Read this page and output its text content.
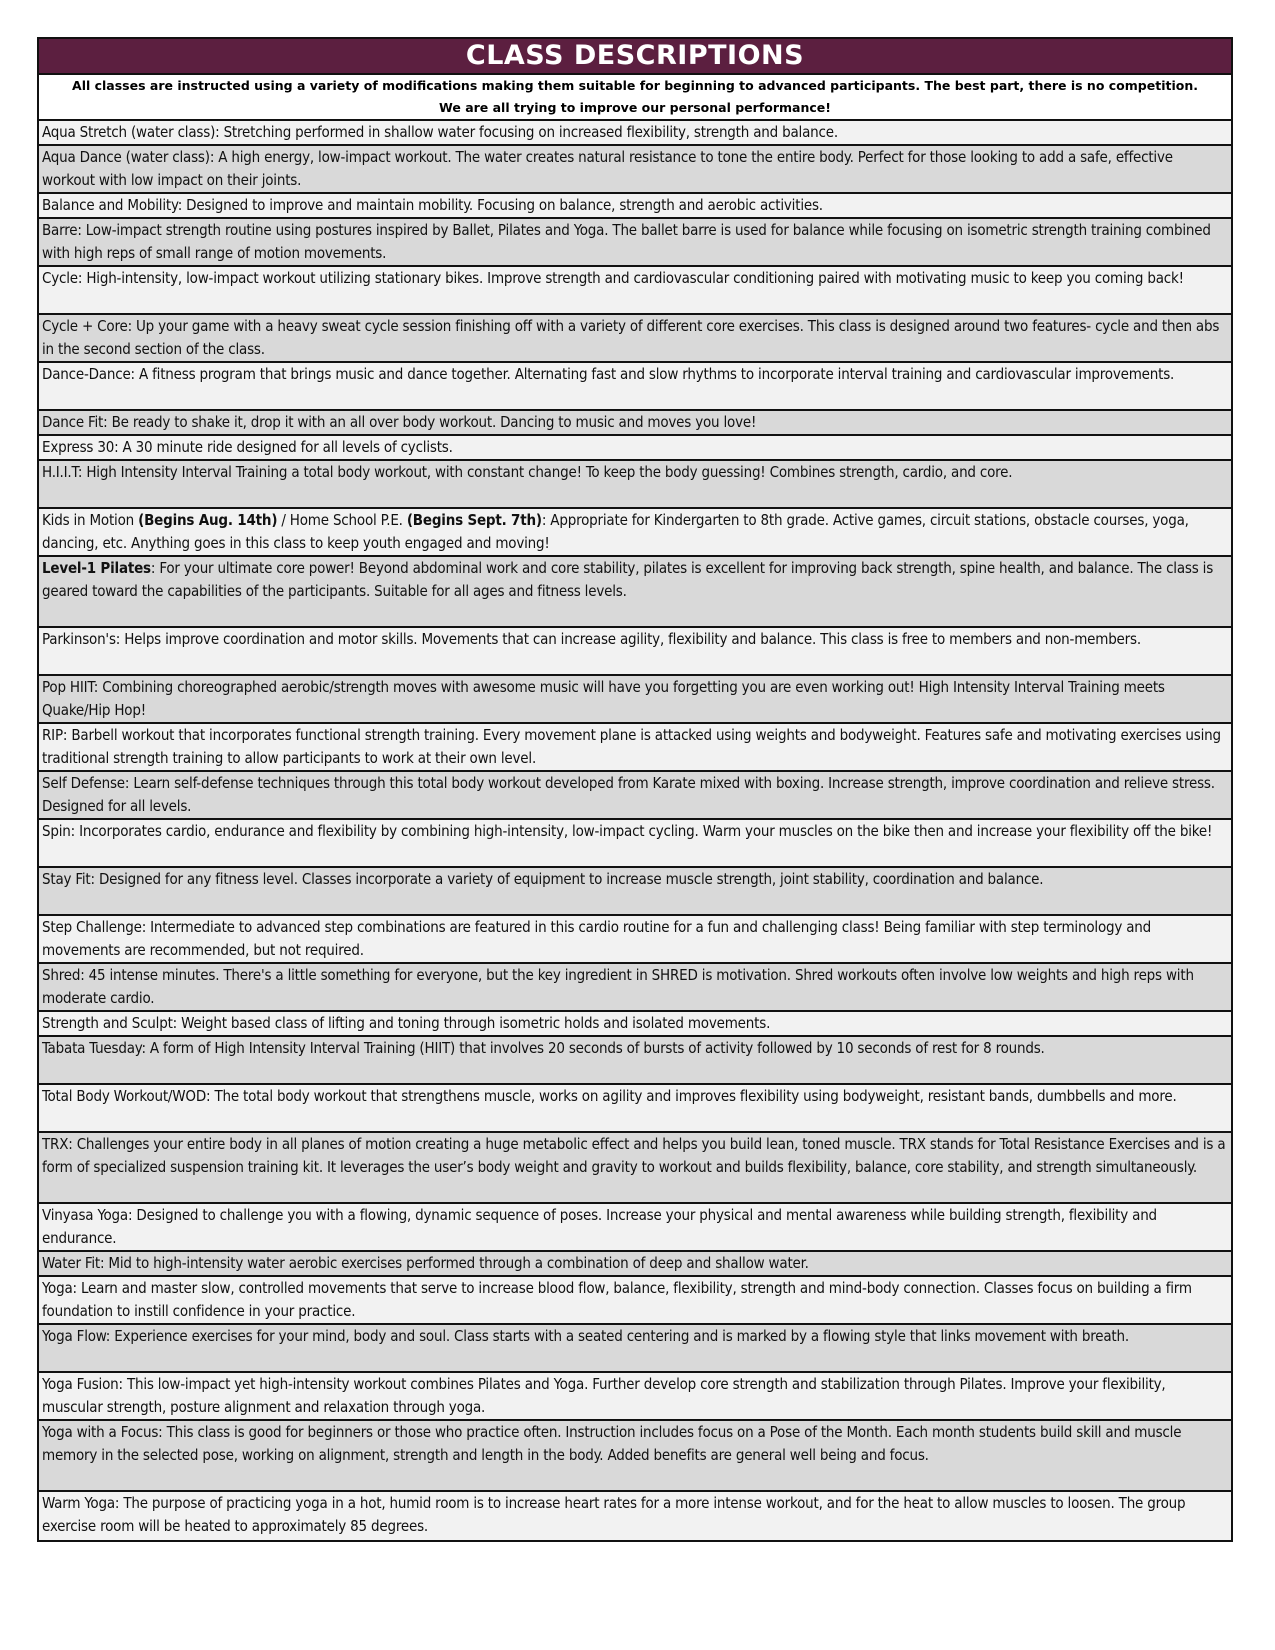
CLASS DESCRIPTIONS
All classes are instructed using a variety of modifications making them suitable for beginning to advanced participants. The best part, there is no competition.
We are all trying to improve our personal performance!
Aqua Stretch (water class): Stretching performed in shallow water focusing on increased flexibility, strength and balance.
Aqua Dance (water class): A high energy, low-impact workout. The water creates natural resistance to tone the entire body. Perfect for those looking to add a safe, effective workout with low impact on their joints.
Balance and Mobility: Designed to improve and maintain mobility. Focusing on balance, strength and aerobic activities.
Barre: Low-impact strength routine using postures inspired by Ballet, Pilates and Yoga. The ballet barre is used for balance while focusing on isometric strength training combined with high reps of small range of motion movements.
Cycle: High-intensity, low-impact workout utilizing stationary bikes. Improve strength and cardiovascular conditioning paired with motivating music to keep you coming back!
Cycle + Core: Up your game with a heavy sweat cycle session finishing off with a variety of different core exercises. This class is designed around two features- cycle and then abs in the second section of the class.
Dance-Dance: A fitness program that brings music and dance together. Alternating fast and slow rhythms to incorporate interval training and cardiovascular improvements.
Dance Fit: Be ready to shake it, drop it with an all over body workout. Dancing to music and moves you love!
Express 30: A 30 minute ride designed for all levels of cyclists.
H.I.I.T: High Intensity Interval Training a total body workout, with constant change! To keep the body guessing! Combines strength, cardio, and core.
Kids in Motion (Begins Aug. 14th) / Home School P.E. (Begins Sept. 7th): Appropriate for Kindergarten to 8th grade. Active games, circuit stations, obstacle courses, yoga, dancing, etc. Anything goes in this class to keep youth engaged and moving!
Level-1 Pilates: For your ultimate core power! Beyond abdominal work and core stability, pilates is excellent for improving back strength, spine health, and balance. The class is geared toward the capabilities of the participants. Suitable for all ages and fitness levels.
Parkinson's: Helps improve coordination and motor skills. Movements that can increase agility, flexibility and balance. This class is free to members and non-members.
Pop HIIT: Combining choreographed aerobic/strength moves with awesome music will have you forgetting you are even working out! High Intensity Interval Training meets Quake/Hip Hop!
RIP: Barbell workout that incorporates functional strength training. Every movement plane is attacked using weights and bodyweight. Features safe and motivating exercises using traditional strength training to allow participants to work at their own level.
Self Defense: Learn self-defense techniques through this total body workout developed from Karate mixed with boxing. Increase strength, improve coordination and relieve stress. Designed for all levels.
Spin: Incorporates cardio, endurance and flexibility by combining high-intensity, low-impact cycling. Warm your muscles on the bike then and increase your flexibility off the bike!
Stay Fit: Designed for any fitness level. Classes incorporate a variety of equipment to increase muscle strength, joint stability, coordination and balance.
Step Challenge: Intermediate to advanced step combinations are featured in this cardio routine for a fun and challenging class! Being familiar with step terminology and movements are recommended, but not required.
Shred: 45 intense minutes. There's a little something for everyone, but the key ingredient in SHRED is motivation. Shred workouts often involve low weights and high reps with moderate cardio.
Strength and Sculpt: Weight based class of lifting and toning through isometric holds and isolated movements.
Tabata Tuesday: A form of High Intensity Interval Training (HIIT) that involves 20 seconds of bursts of activity followed by 10 seconds of rest for 8 rounds.
Total Body Workout/WOD: The total body workout that strengthens muscle, works on agility and improves flexibility using bodyweight, resistant bands, dumbbells and more.
TRX: Challenges your entire body in all planes of motion creating a huge metabolic effect and helps you build lean, toned muscle. TRX stands for Total Resistance Exercises and is a form of specialized suspension training kit. It leverages the user’s body weight and gravity to workout and builds flexibility, balance, core stability, and strength simultaneously.
Vinyasa Yoga: Designed to challenge you with a flowing, dynamic sequence of poses. Increase your physical and mental awareness while building strength, flexibility and endurance.
Water Fit: Mid to high-intensity water aerobic exercises performed through a combination of deep and shallow water.
Yoga: Learn and master slow, controlled movements that serve to increase blood flow, balance, flexibility, strength and mind-body connection. Classes focus on building a firm foundation to instill confidence in your practice.
Yoga Flow: Experience exercises for your mind, body and soul. Class starts with a seated centering and is marked by a flowing style that links movement with breath.
Yoga Fusion: This low-impact yet high-intensity workout combines Pilates and Yoga. Further develop core strength and stabilization through Pilates. Improve your flexibility, muscular strength, posture alignment and relaxation through yoga.
Yoga with a Focus: This class is good for beginners or those who practice often. Instruction includes focus on a Pose of the Month. Each month students build skill and muscle memory in the selected pose, working on alignment, strength and length in the body. Added benefits are general well being and focus.
Warm Yoga: The purpose of practicing yoga in a hot, humid room is to increase heart rates for a more intense workout, and for the heat to allow muscles to loosen. The group exercise room will be heated to approximately 85 degrees.
